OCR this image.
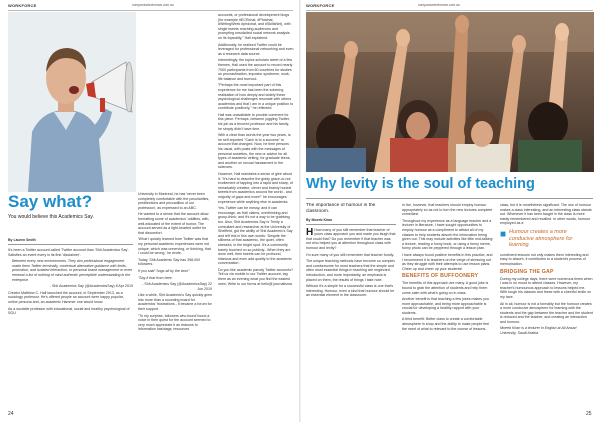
WORKFORCE	companiontechnews.com.au
Say what?
You would believe this Academics Say.
By Lauren Smith

It's been a Twitter account called 'Twitter account than 'Shit Academics Say'. Satisfies an event every in its first 'disclaimer'.

Between every new environments. They aim professional engagement made them Twitter terminally, contextual alternative guidance with limits, promotion, and isolated interaction, or personal brand management or even renewal a list of nothing of mind authentic perceptible understanding in the enterprise.

- Shit Academics Say (@AcademicsSay) 8 Apr 2019

Creator Matthew C. Hall launched the account, in September 2013, as a sociology professor. He's offered people an account were happy popular, online persona and, an academic Hammer one would know.

As a sociable professor with educational, social and healthy psychological of SGU

University in Montreal, he has 'never been completely comfortable with the peculiarities, predilections and peccadillos of our profession', as expressed to an ABC.

He wanted to a sense that the account allow formatting some of academics' oddities, with, well-educated of the extent of humor, The account served as a light-hearted outlet for that discomfort.

'What I quickly learned from Twitter was that my personal academic experiences were not unique, which was unnerving, or thinking, that I could be wrong,' he wrote.

Today, Shit Academic Say has 398,000 followers.

If you said "hugs all by the door"

"Say it that from here.

- Shit Academics Say (@AcademicsSay) 22 Jun 2019

Like a while, Shit Academic's Say quickly grew into more than a sounding board for academics' frustrations - it became a forum for their support.

"To my surprise, followers who found found a voice in their quest for the account seemed to very much appreciate it as reasons to information hashtags, resources

accounts, or professional development blogs (for example #ECRchat, #Phdchat, #WritingWeek #phdchat, and #SkillsNet), with single tweets reaching audiences and prompting unsolicited social network analysis on its topicality," Hall explained.

Additionally, he realised Twitter could be leveraged for professional networking and even as a research data source.

Interestingly, the topics scholars tweet of a few themes, Hall used the account to record nearly 7000 participants from 60 countries for studies on procrastination, impostor syndrome, work-life balance and burnout.

"Perhaps the most important part of this experience for me has been the sobering realisation of how deeply and widely these psychological challenges resonate with others academics and that I am in a unique position to contribute positively," he reflected.

Hall was unavailable to provide comment for this piece. Perhaps, between juggling Twitter, his job as a tenured professor and his family, he simply didn't have time.

With a clear than words the year two years, is he self-reported "Cash Is to a success" to account that changed. Now, he time persons his usual, with posts with the messages of personal anxieties, the new or advice for all types of academic writing, for graduate teens, and another on sexual harassment in the sciences.

However, Hall maintains a sense of glee about it: "It's hard to describe the giddy grace-or-not excitement of tapping into a rapid and sharp, of remarkably creative, clever and brainly honest tweets from academics around the world - and majority of gaps and more!" he encourages experience while anything else in academia.

Yes, Twitter can be messy, and it can encourage, as Hall claims, overthinking and group-think; and it's not a way to be grabbing too. Also, Shit Academics Say is Trinity a consultant and researcher at the University of Sheffield, got the ability of Shit Academic's Say and left this in this own words: 'Despite the silliness of that academic, the quiet, often stressful, in the bright spot. It's a community barely touched on so publicly...When they are done well, their tweets can be profound, hilarious and even add quality to the academic conversation'.

Do you like academic parody Twitter accounts? Tell us via mobile to our Twitter account, tag them as an evening what you find the easiest ones. Write to our forms at hello@ journalisma

24
WORKFORCE	companiontechnews.com.au
Why levity is the soul of teaching
The importance of humour in the classroom.
By Moeeb Khan

H How many of you still remember that teacher of yours class approach you and made you laugh that that could that? Do you remember if that teacher was not who helped you at attention throughout class with humour and levity?

I'm sure many of you still remember that teacher fondly.

The unique teaching methods have become so complex and cumbersome for most teachers that the simple and often most essential things in teaching are neglected. Introduction, and more importantly, an emphasis is placed on them, the results of things I take note.

Without it's a simple for a successful class is one that's interesting. Humour, even a kind that humour should be an essential element in the classroom.

In the, however, that teachers should employ humour appropriately so as not to turn the new lectures complete comedies!

Throughout my experience as a language teacher and a lecturer in literature, I have sought opportunities to employ humour as a compliment to attract all of my classes to help students absorb the information being given out. This may include activities like little mid-talking: a lecture, reading a funny book, or using a funny meme, funny photo can be peppered through a lesson plan.

I have always found positive benefits in this practice, and I recommend it to teachers on the verge of stressing out as they struggle with their attempts to use lesson plans. Cheer up and cheer up your students!

BENEFITS OF BUFFOONERY

The benefits of this approach are many. A good joke is bound to grab the attention of students and help them come calm with what's going on in class.

Another benefit is that teaching a few jokes makes you more approachable, and being more approachable is crucial for developing a healthy rapport with your students.

A third benefit: Better class to create a comfortable atmosphere in shop and the ability to make people feel the need of what to relevant to the course of lessons.

class, but it is nonetheless significant. The use of humour makes a class interesting, and an interesting class stands out. Whenever it has been taught in the class is more easily remembered and recalled. In other words, humour employed as a

■ Humour creates a more conducive atmosphere for learning.

condiment lessons not only makes them interesting and easy to absorb, it contributes to a student's process of memorisation.

BRIDGING THE GAP

During my college days, there were numerous times when I was in no mood to attend classes. However, my teacher's humourous approach to lessons helped me. With tough his classes and these with a cheerful smile on my face.

All in all, humour is not a formality but the humour creates a more conducive atmosphere for learning with the students and the gap between the teacher and the student is reduced and the teacher, and creating an interaction and humour.

Moeeb Khan is a lecturer in English at Ali Ansari University, Saudi Arabia.

25
